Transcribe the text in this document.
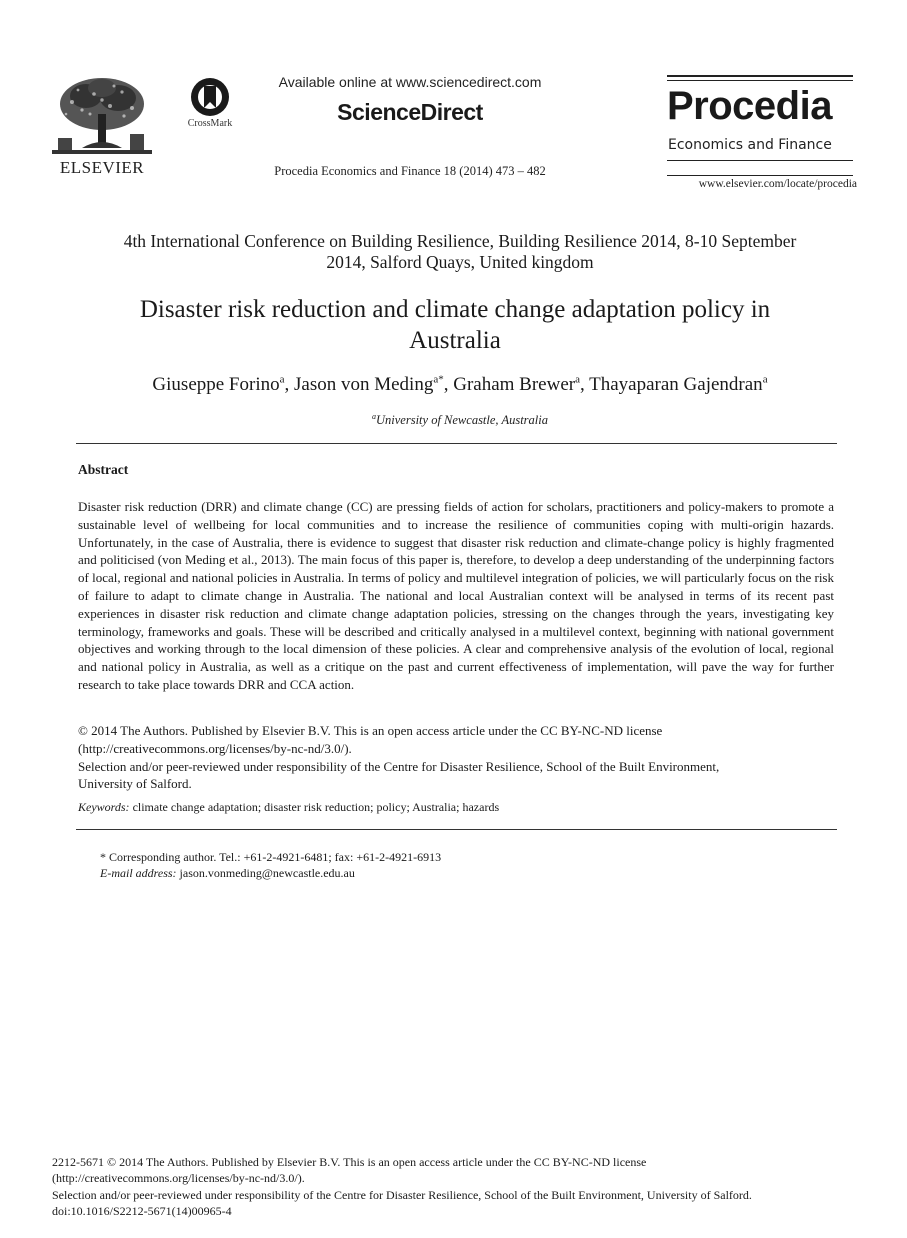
ELSEVIER
CrossMark
Available online at www.sciencedirect.com
ScienceDirect
Procedia Economics and Finance 18 (2014) 473 – 482
Procedia
Economics and Finance
www.elsevier.com/locate/procedia
4th International Conference on Building Resilience, Building Resilience 2014, 8-10 September
2014, Salford Quays, United kingdom
Disaster risk reduction and climate change adaptation policy in
Australia
Giuseppe Forino$^a$, Jason von Meding$^{a*}$, Graham Brewer$^a$, Thayaparan Gajendran$^a$
$^a$University of Newcastle, Australia
Abstract
Disaster risk reduction (DRR) and climate change (CC) are pressing fields of action for scholars, practitioners and policy-makers to promote a sustainable level of wellbeing for local communities and to increase the resilience of communities coping with multi-origin hazards. Unfortunately, in the case of Australia, there is evidence to suggest that disaster risk reduction and climate-change policy is highly fragmented and politicised (von Meding et al., 2013). The main focus of this paper is, therefore, to develop a deep understanding of the underpinning factors of local, regional and national policies in Australia. In terms of policy and multilevel integration of policies, we will particularly focus on the risk of failure to adapt to climate change in Australia. The national and local Australian context will be analysed in terms of its recent past experiences in disaster risk reduction and climate change adaptation policies, stressing on the changes through the years, investigating key terminology, frameworks and goals. These will be described and critically analysed in a multilevel context, beginning with national government objectives and working through to the local dimension of these policies. A clear and comprehensive analysis of the evolution of local, regional and national policy in Australia, as well as a critique on the past and current effectiveness of implementation, will pave the way for further research to take place towards DRR and CCA action.
© 2014 The Authors. Published by Elsevier B.V. This is an open access article under the CC BY-NC-ND license
(http://creativecommons.org/licenses/by-nc-nd/3.0/).
Selection and/or peer-reviewed under responsibility of the Centre for Disaster Resilience, School of the Built Environment,
University of Salford.
Keywords: climate change adaptation; disaster risk reduction; policy; Australia; hazards
* Corresponding author. Tel.: +61-2-4921-6481; fax: +61-2-4921-6913
E-mail address: jason.vonmeding@newcastle.edu.au
2212-5671 © 2014 The Authors. Published by Elsevier B.V. This is an open access article under the CC BY-NC-ND license
(http://creativecommons.org/licenses/by-nc-nd/3.0/).
Selection and/or peer-reviewed under responsibility of the Centre for Disaster Resilience, School of the Built Environment, University of Salford.
doi:10.1016/S2212-5671(14)00965-4
